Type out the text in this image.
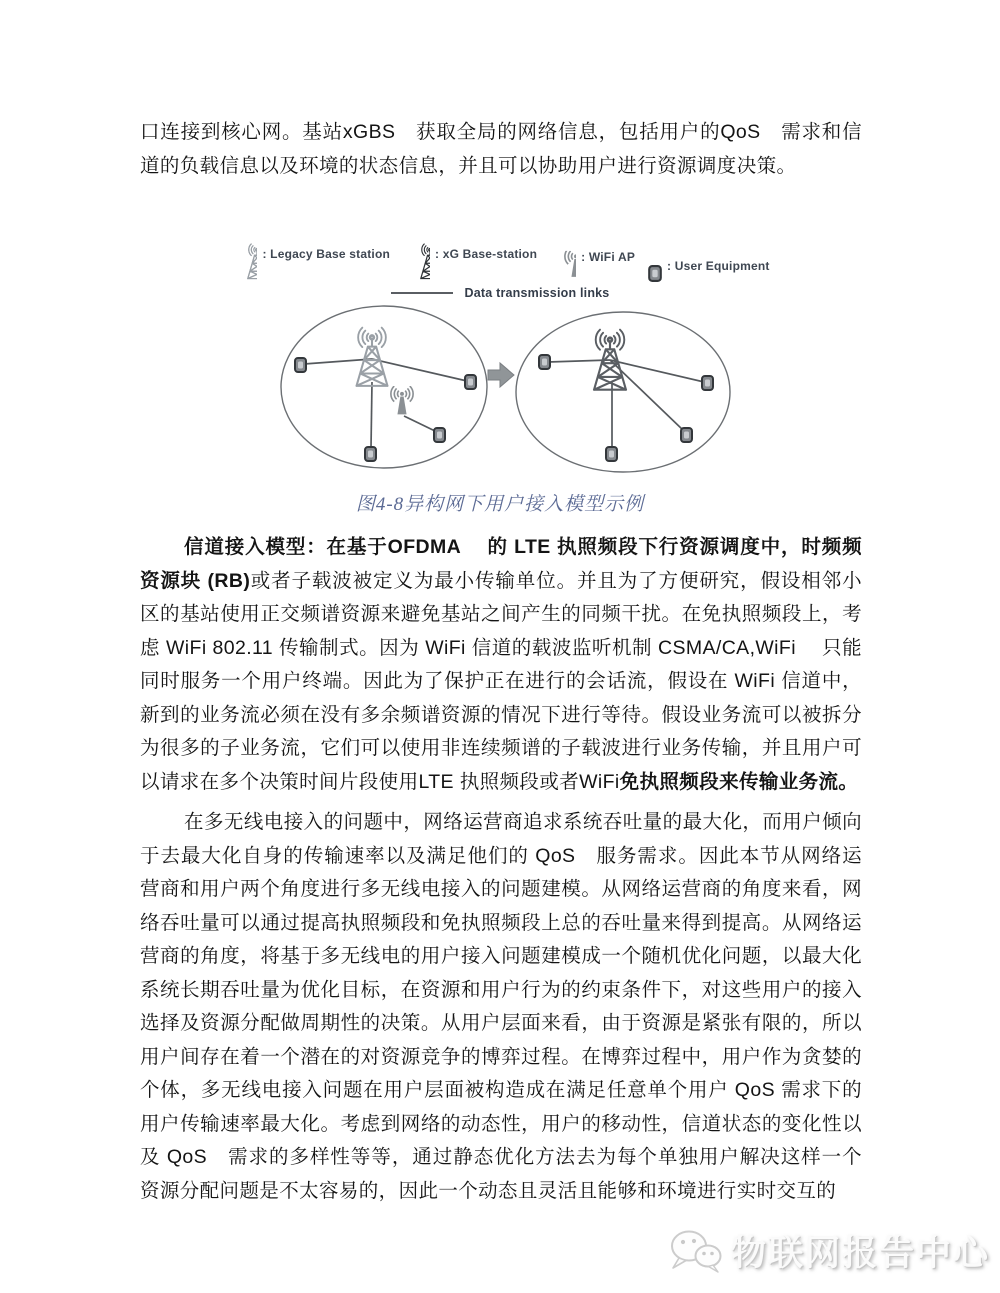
口连接到核心网。基站xGBS　获取全局的网络信息，包括用户的QoS　需求和信道的负载信息以及环境的状态信息，并且可以协助用户进行资源调度决策。

: Legacy Base station	: xG Base-station	: WiFi AP
: User Equipment
Data transmission links
图4-8异构网下用户接入模型示例

信道接入模型：在基于OFDMA　 的 LTE 执照频段下行资源调度中，时频频资源块 (RB)或者子载波被定义为最小传输单位。并且为了方便研究，假设相邻小区的基站使用正交频谱资源来避免基站之间产生的同频干扰。在免执照频段上，考虑 WiFi 802.11 传输制式。因为 WiFi 信道的载波监听机制 CSMA/CA,WiFi　 只能同时服务一个用户终端。因此为了保护正在进行的会话流，假设在 WiFi 信道中，新到的业务流必须在没有多余频谱资源的情况下进行等待。假设业务流可以被拆分为很多的子业务流，它们可以使用非连续频谱的子载波进行业务传输，并且用户可以请求在多个决策时间片段使用LTE 执照频段或者WiFi免执照频段来传输业务流。

在多无线电接入的问题中，网络运营商追求系统吞吐量的最大化，而用户倾向于去最大化自身的传输速率以及满足他们的 QoS　服务需求。因此本节从网络运营商和用户两个角度进行多无线电接入的问题建模。从网络运营商的角度来看，网络吞吐量可以通过提高执照频段和免执照频段上总的吞吐量来得到提高。从网络运营商的角度，将基于多无线电的用户接入问题建模成一个随机优化问题，以最大化系统长期吞吐量为优化目标，在资源和用户行为的约束条件下，对这些用户的接入选择及资源分配做周期性的决策。从用户层面来看，由于资源是紧张有限的，所以用户间存在着一个潜在的对资源竞争的博弈过程。在博弈过程中，用户作为贪婪的个体，多无线电接入问题在用户层面被构造成在满足任意单个用户 QoS 需求下的用户传输速率最大化。考虑到网络的动态性，用户的移动性，信道状态的变化性以及 QoS　需求的多样性等等，通过静态优化方法去为每个单独用户解决这样一个资源分配问题是不太容易的，因此一个动态且灵活且能够和环境进行实时交互的

物联网报告中心
